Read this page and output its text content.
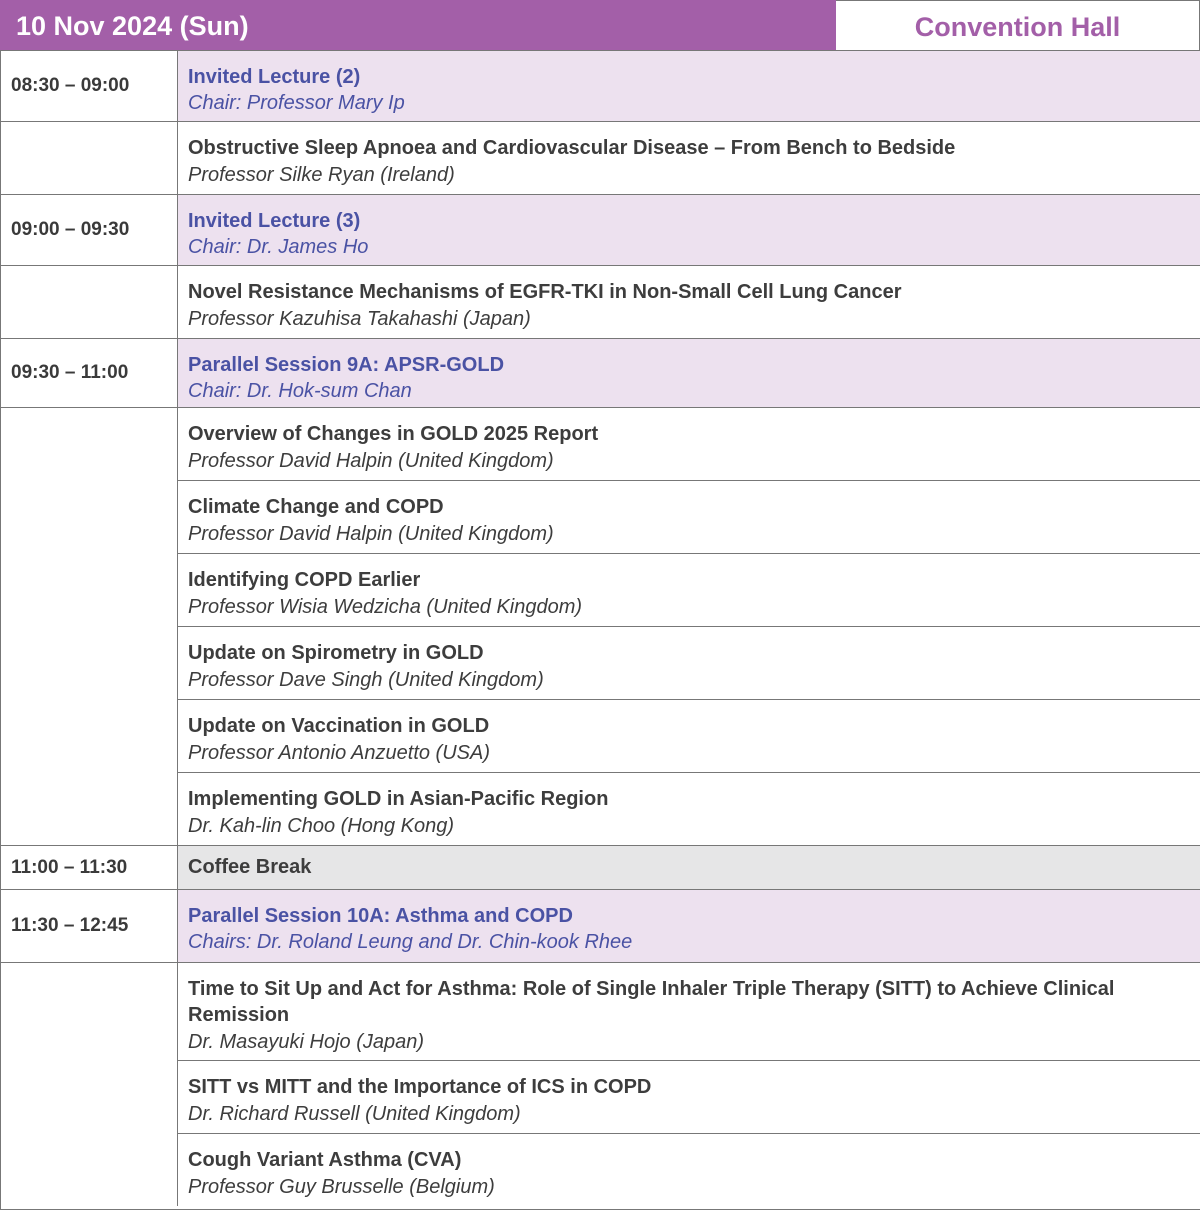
10 Nov 2024 (Sun)	Convention Hall
08:30 – 09:00	Invited Lecture (2)
Chair: Professor Mary Ip
Obstructive Sleep Apnoea and Cardiovascular Disease – From Bench to Bedside
Professor Silke Ryan (Ireland)
09:00 – 09:30	Invited Lecture (3)
Chair: Dr. James Ho
Novel Resistance Mechanisms of EGFR-TKI in Non-Small Cell Lung Cancer
Professor Kazuhisa Takahashi (Japan)
09:30 – 11:00	Parallel Session 9A: APSR-GOLD
Chair: Dr. Hok-sum Chan
Overview of Changes in GOLD 2025 Report
Professor David Halpin (United Kingdom)
Climate Change and COPD
Professor David Halpin (United Kingdom)
Identifying COPD Earlier
Professor Wisia Wedzicha (United Kingdom)
Update on Spirometry in GOLD
Professor Dave Singh (United Kingdom)
Update on Vaccination in GOLD
Professor Antonio Anzuetto (USA)
Implementing GOLD in Asian-Pacific Region
Dr. Kah-lin Choo (Hong Kong)
11:00 – 11:30	Coffee Break
11:30 – 12:45	Parallel Session 10A: Asthma and COPD
Chairs: Dr. Roland Leung and Dr. Chin-kook Rhee
Time to Sit Up and Act for Asthma: Role of Single Inhaler Triple Therapy (SITT) to Achieve Clinical Remission
Dr. Masayuki Hojo (Japan)
SITT vs MITT and the Importance of ICS in COPD
Dr. Richard Russell (United Kingdom)
Cough Variant Asthma (CVA)
Professor Guy Brusselle (Belgium)
